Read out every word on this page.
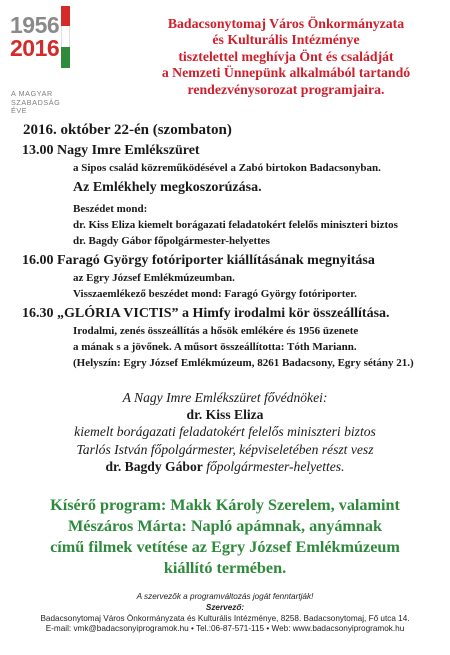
1956
2016
A MAGYAR
SZABADSÁG
ÉVE
Badacsonytomaj Város Önkormányzata
és Kulturális Intézménye
tisztelettel meghívja Önt és családját
a Nemzeti Ünnepünk alkalmából tartandó
rendezvénysorozat programjaira.
2016. október 22-én (szombaton)
13.00 Nagy Imre Emlékszüret
a Sipos család közreműködésével a Zabó birtokon Badacsonyban.
Az Emlékhely megkoszorúzása.
Beszédet mond:
dr. Kiss Eliza kiemelt borágazati feladatokért felelős miniszteri biztos
dr. Bagdy Gábor főpolgármester-helyettes
16.00 Faragó György fotóriporter kiállításának megnyitása
az Egry József Emlékmúzeumban.
Visszaemlékező beszédet mond: Faragó György fotóriporter.
16.30 „GLÓRIA VICTIS” a Himfy irodalmi kör összeállítása.
Irodalmi, zenés összeállítás a hősök emlékére és 1956 üzenete
a mának s a jövőnek. A műsort összeállította: Tóth Mariann.
(Helyszín: Egry József Emlékmúzeum, 8261 Badacsony, Egry sétány 21.)
A Nagy Imre Emlékszüret fővédnökei:
dr. Kiss Eliza
kiemelt borágazati feladatokért felelős miniszteri biztos
Tarlós István főpolgármester, képviseletében részt vesz
dr. Bagdy Gábor főpolgármester-helyettes.
Kísérő program: Makk Károly Szerelem, valamint
Mészáros Márta: Napló apámnak, anyámnak
című filmek vetítése az Egry József Emlékmúzeum
kiállító termében.
A szervezők a programváltozás jogát fenntartják!
Szervező:
Badacsonytomaj Város Önkormányzata és Kulturális Intézménye, 8258. Badacsonytomaj, Fő utca 14.
E-mail: vmk@badacsonyiprogramok.hu • Tel.:06-87-571-115 • Web: www.badacsonyiprogramok.hu
